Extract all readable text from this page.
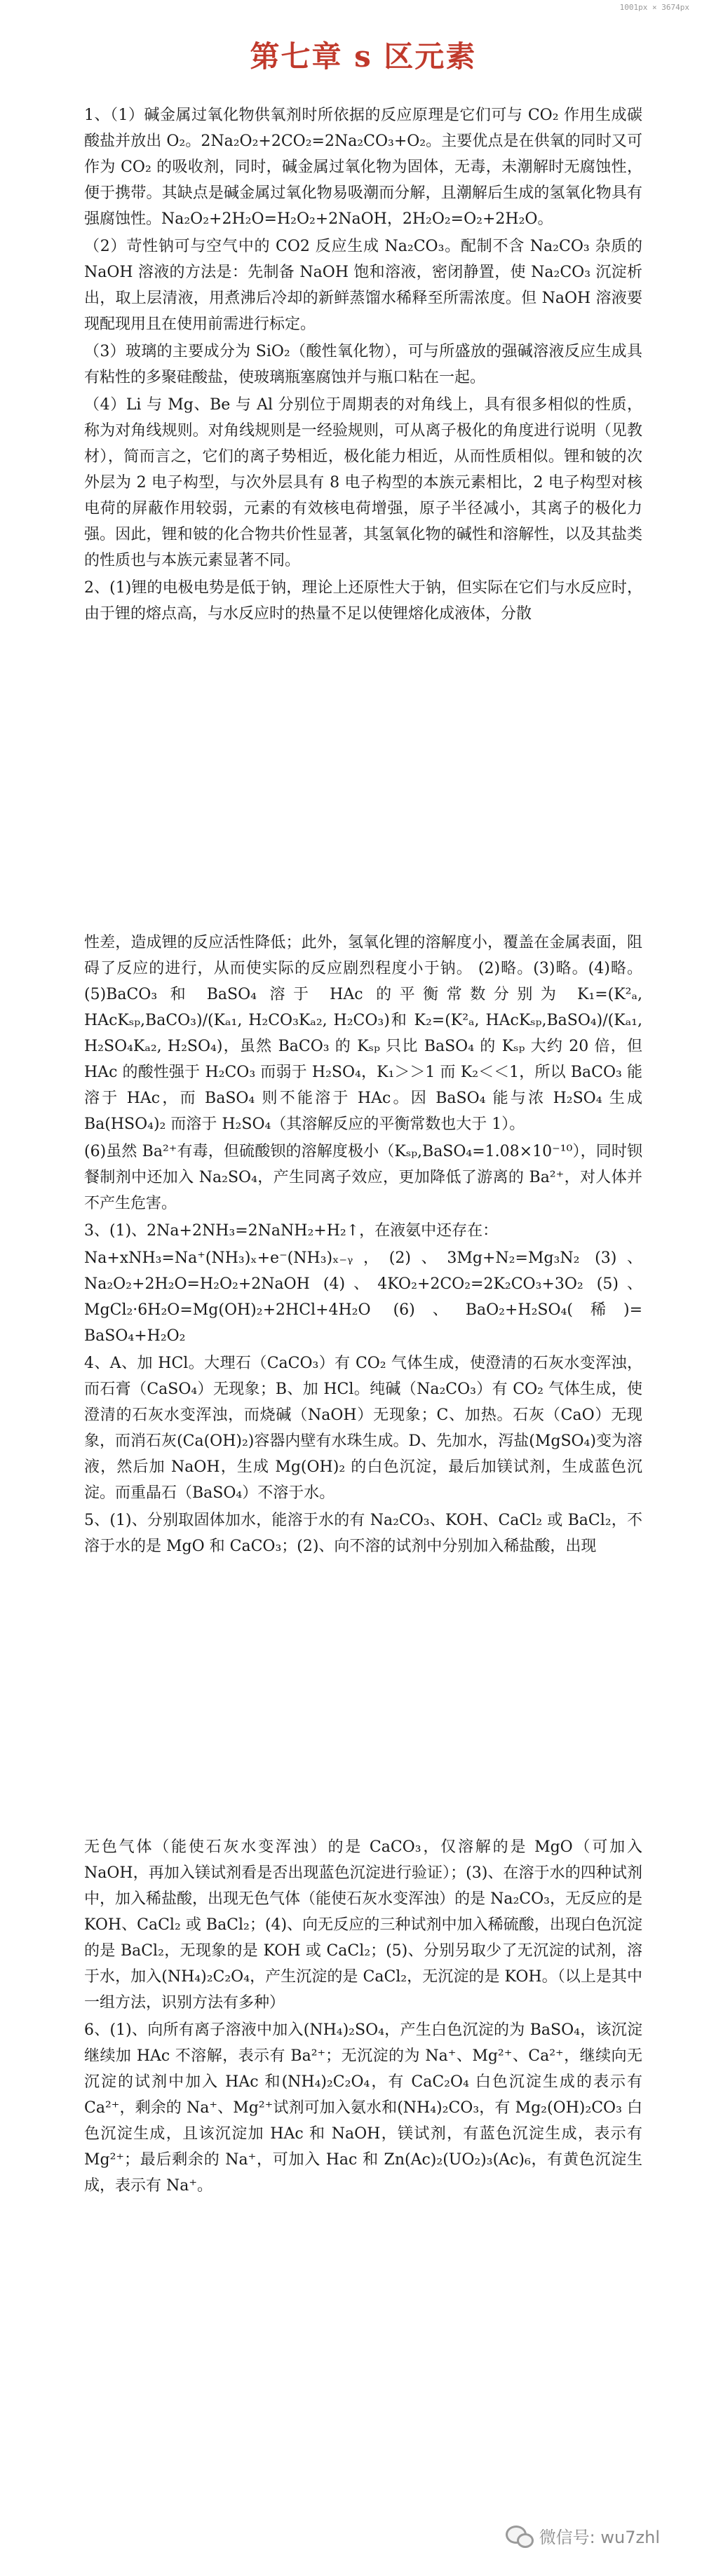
1001px × 3674px
第七章 s 区元素

1、（1）碱金属过氧化物供氧剂时所依据的反应原理是它们可与 CO₂ 作用生成碳酸盐并放出 O₂。2Na₂O₂+2CO₂=2Na₂CO₃+O₂。主要优点是在供氧的同时又可作为 CO₂ 的吸收剂，同时，碱金属过氧化物为固体，无毒，未潮解时无腐蚀性，便于携带。其缺点是碱金属过氧化物易吸潮而分解，且潮解后生成的氢氧化物具有强腐蚀性。Na₂O₂+2H₂O=H₂O₂+2NaOH，2H₂O₂=O₂+2H₂O。

（2）苛性钠可与空气中的 CO2 反应生成 Na₂CO₃。配制不含 Na₂CO₃ 杂质的 NaOH 溶液的方法是：先制备 NaOH 饱和溶液，密闭静置，使 Na₂CO₃ 沉淀析出，取上层清液，用煮沸后冷却的新鲜蒸馏水稀释至所需浓度。但 NaOH 溶液要现配现用且在使用前需进行标定。

（3）玻璃的主要成分为 SiO₂（酸性氧化物），可与所盛放的强碱溶液反应生成具有粘性的多聚硅酸盐，使玻璃瓶塞腐蚀并与瓶口粘在一起。

（4）Li 与 Mg、Be 与 Al 分别位于周期表的对角线上，具有很多相似的性质，称为对角线规则。对角线规则是一经验规则，可从离子极化的角度进行说明（见教材），简而言之，它们的离子势相近，极化能力相近，从而性质相似。锂和铍的次外层为 2 电子构型，与次外层具有 8 电子构型的本族元素相比，2 电子构型对核电荷的屏蔽作用较弱，元素的有效核电荷增强，原子半径减小，其离子的极化力强。因此，锂和铍的化合物共价性显著，其氢氧化物的碱性和溶解性，以及其盐类的性质也与本族元素显著不同。

2、(1)锂的电极电势是低于钠，理论上还原性大于钠，但实际在它们与水反应时，由于锂的熔点高，与水反应时的热量不足以使锂熔化成液体，分散

性差，造成锂的反应活性降低；此外，氢氧化锂的溶解度小，覆盖在金属表面，阻碍了反应的进行，从而使实际的反应剧烈程度小于钠。 (2)略。(3)略。(4)略。(5)BaCO₃ 和 BaSO₄ 溶于 HAc 的平衡常数分别为 K₁=(K²ₐ, HAcKₛₚ,BaCO₃)/(Kₐ₁, H₂CO₃Kₐ₂, H₂CO₃)和 K₂=(K²ₐ, HAcKₛₚ,BaSO₄)/(Kₐ₁, H₂SO₄Kₐ₂, H₂SO₄)，虽然 BaCO₃ 的 Kₛₚ 只比 BaSO₄ 的 Kₛₚ 大约 20 倍，但 HAc 的酸性强于 H₂CO₃ 而弱于 H₂SO₄，K₁＞＞1 而 K₂＜＜1，所以 BaCO₃ 能溶于 HAc，而 BaSO₄ 则不能溶于 HAc。因 BaSO₄ 能与浓 H₂SO₄ 生成 Ba(HSO₄)₂ 而溶于 H₂SO₄（其溶解反应的平衡常数也大于 1）。

(6)虽然 Ba²⁺有毒，但硫酸钡的溶解度极小（Kₛₚ,BaSO₄=1.08×10⁻¹⁰），同时钡餐制剂中还加入 Na₂SO₄，产生同离子效应，更加降低了游离的 Ba²⁺，对人体并不产生危害。

3、(1)、2Na+2NH₃=2NaNH₂+H₂↑，在液氨中还存在：

Na+xNH₃=Na⁺(NH₃)ₓ+e⁻(NH₃)ₓ₋ᵧ，(2)、3Mg+N₂=Mg₃N₂ (3)、Na₂O₂+2H₂O=H₂O₂+2NaOH (4)、4KO₂+2CO₂=2K₂CO₃+3O₂ (5)、MgCl₂·6H₂O=Mg(OH)₂+2HCl+4H₂O (6)、BaO₂+H₂SO₄(稀)= BaSO₄+H₂O₂

4、A、加 HCl。大理石（CaCO₃）有 CO₂ 气体生成，使澄清的石灰水变浑浊，而石膏（CaSO₄）无现象；B、加 HCl。纯碱（Na₂CO₃）有 CO₂ 气体生成，使澄清的石灰水变浑浊，而烧碱（NaOH）无现象；C、加热。石灰（CaO）无现象，而消石灰(Ca(OH)₂)容器内壁有水珠生成。D、先加水，泻盐(MgSO₄)变为溶液，然后加 NaOH，生成 Mg(OH)₂ 的白色沉淀，最后加镁试剂，生成蓝色沉淀。而重晶石（BaSO₄）不溶于水。

5、(1)、分别取固体加水，能溶于水的有 Na₂CO₃、KOH、CaCl₂ 或 BaCl₂，不溶于水的是 MgO 和 CaCO₃；(2)、向不溶的试剂中分别加入稀盐酸，出现

无色气体（能使石灰水变浑浊）的是 CaCO₃，仅溶解的是 MgO（可加入 NaOH，再加入镁试剂看是否出现蓝色沉淀进行验证）；(3)、在溶于水的四种试剂中，加入稀盐酸，出现无色气体（能使石灰水变浑浊）的是 Na₂CO₃，无反应的是 KOH、CaCl₂ 或 BaCl₂；(4)、向无反应的三种试剂中加入稀硫酸，出现白色沉淀的是 BaCl₂，无现象的是 KOH 或 CaCl₂；(5)、分别另取少了无沉淀的试剂，溶于水，加入(NH₄)₂C₂O₄，产生沉淀的是 CaCl₂，无沉淀的是 KOH。（以上是其中一组方法，识别方法有多种）

6、(1)、向所有离子溶液中加入(NH₄)₂SO₄，产生白色沉淀的为 BaSO₄，该沉淀继续加 HAc 不溶解，表示有 Ba²⁺；无沉淀的为 Na⁺、Mg²⁺、Ca²⁺，继续向无沉淀的试剂中加入 HAc 和(NH₄)₂C₂O₄，有 CaC₂O₄ 白色沉淀生成的表示有 Ca²⁺，剩余的 Na⁺、Mg²⁺试剂可加入氨水和(NH₄)₂CO₃，有 Mg₂(OH)₂CO₃ 白色沉淀生成，且该沉淀加 HAc 和 NaOH，镁试剂，有蓝色沉淀生成，表示有 Mg²⁺；最后剩余的 Na⁺，可加入 Hac 和 Zn(Ac)₂(UO₂)₃(Ac)₆，有黄色沉淀生成，表示有 Na⁺。

微信号: wu7zhl
